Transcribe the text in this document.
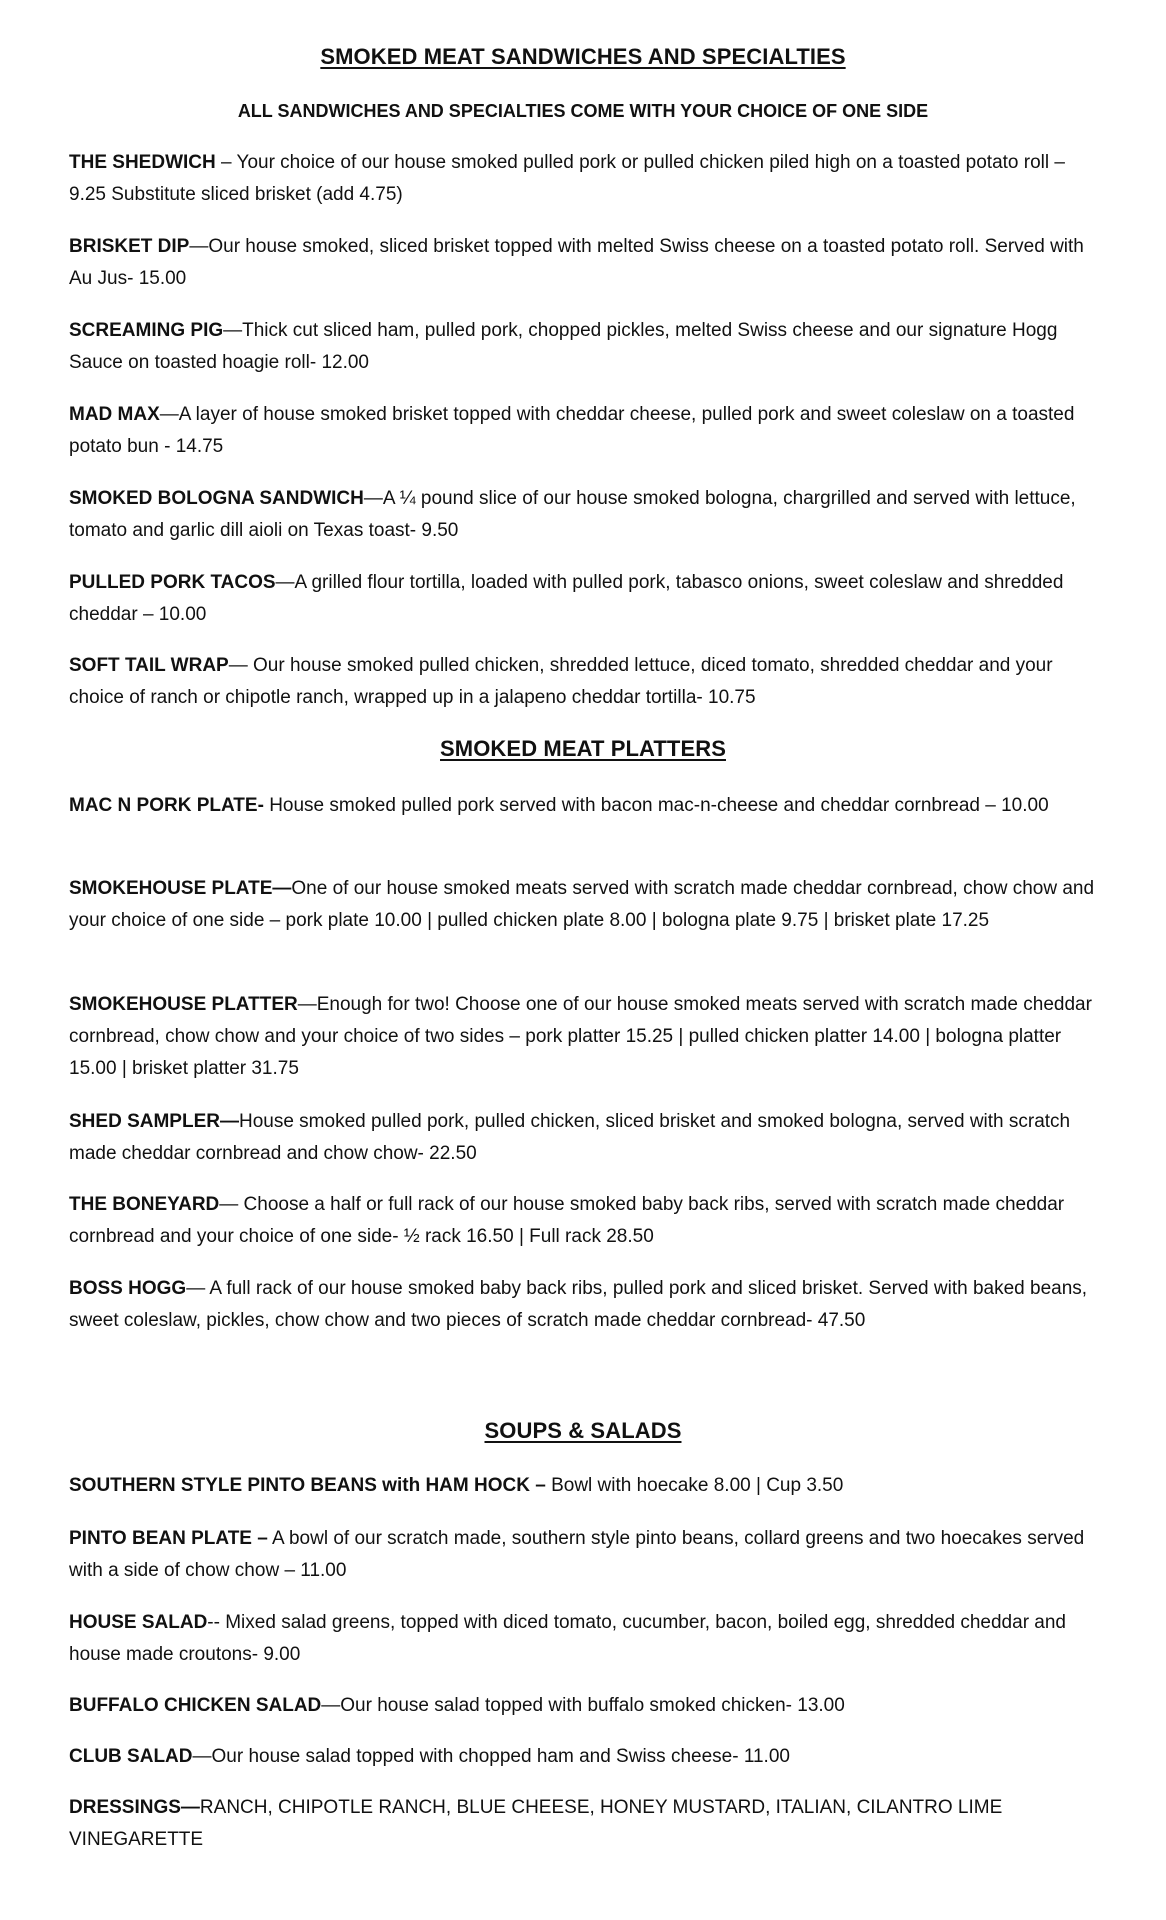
SMOKED MEAT SANDWICHES AND SPECIALTIES
ALL SANDWICHES AND SPECIALTIES COME WITH YOUR CHOICE OF ONE SIDE
THE SHEDWICH – Your choice of our house smoked pulled pork or pulled chicken piled high on a toasted potato roll – 9.25 Substitute sliced brisket (add 4.75)
BRISKET DIP—Our house smoked, sliced brisket topped with melted Swiss cheese on a toasted potato roll. Served with Au Jus- 15.00
SCREAMING PIG—Thick cut sliced ham, pulled pork, chopped pickles, melted Swiss cheese and our signature Hogg Sauce on toasted hoagie roll- 12.00
MAD MAX—A layer of house smoked brisket topped with cheddar cheese, pulled pork and sweet coleslaw on a toasted potato bun - 14.75
SMOKED BOLOGNA SANDWICH—A ¼ pound slice of our house smoked bologna, chargrilled and served with lettuce, tomato and garlic dill aioli on Texas toast- 9.50
PULLED PORK TACOS—A grilled flour tortilla, loaded with pulled pork, tabasco onions, sweet coleslaw and shredded cheddar – 10.00
SOFT TAIL WRAP— Our house smoked pulled chicken, shredded lettuce, diced tomato, shredded cheddar and your choice of ranch or chipotle ranch, wrapped up in a jalapeno cheddar tortilla- 10.75
SMOKED MEAT PLATTERS
MAC N PORK PLATE- House smoked pulled pork served with bacon mac-n-cheese and cheddar cornbread – 10.00
SMOKEHOUSE PLATE—One of our house smoked meats served with scratch made cheddar cornbread, chow chow and your choice of one side – pork plate 10.00 | pulled chicken plate 8.00 | bologna plate 9.75 | brisket plate 17.25
SMOKEHOUSE PLATTER—Enough for two! Choose one of our house smoked meats served with scratch made cheddar cornbread, chow chow and your choice of two sides – pork platter 15.25 | pulled chicken platter 14.00 | bologna platter 15.00 | brisket platter 31.75
SHED SAMPLER—House smoked pulled pork, pulled chicken, sliced brisket and smoked bologna, served with scratch made cheddar cornbread and chow chow- 22.50
THE BONEYARD— Choose a half or full rack of our house smoked baby back ribs, served with scratch made cheddar cornbread and your choice of one side- ½ rack 16.50 | Full rack 28.50
BOSS HOGG— A full rack of our house smoked baby back ribs, pulled pork and sliced brisket. Served with baked beans, sweet coleslaw, pickles, chow chow and two pieces of scratch made cheddar cornbread- 47.50
SOUPS & SALADS
SOUTHERN STYLE PINTO BEANS with HAM HOCK – Bowl with hoecake 8.00 | Cup 3.50
PINTO BEAN PLATE – A bowl of our scratch made, southern style pinto beans, collard greens and two hoecakes served with a side of chow chow – 11.00
HOUSE SALAD-- Mixed salad greens, topped with diced tomato, cucumber, bacon, boiled egg, shredded cheddar and house made croutons- 9.00
BUFFALO CHICKEN SALAD—Our house salad topped with buffalo smoked chicken- 13.00
CLUB SALAD—Our house salad topped with chopped ham and Swiss cheese- 11.00
DRESSINGS—RANCH, CHIPOTLE RANCH, BLUE CHEESE, HONEY MUSTARD, ITALIAN, CILANTRO LIME VINEGARETTE
